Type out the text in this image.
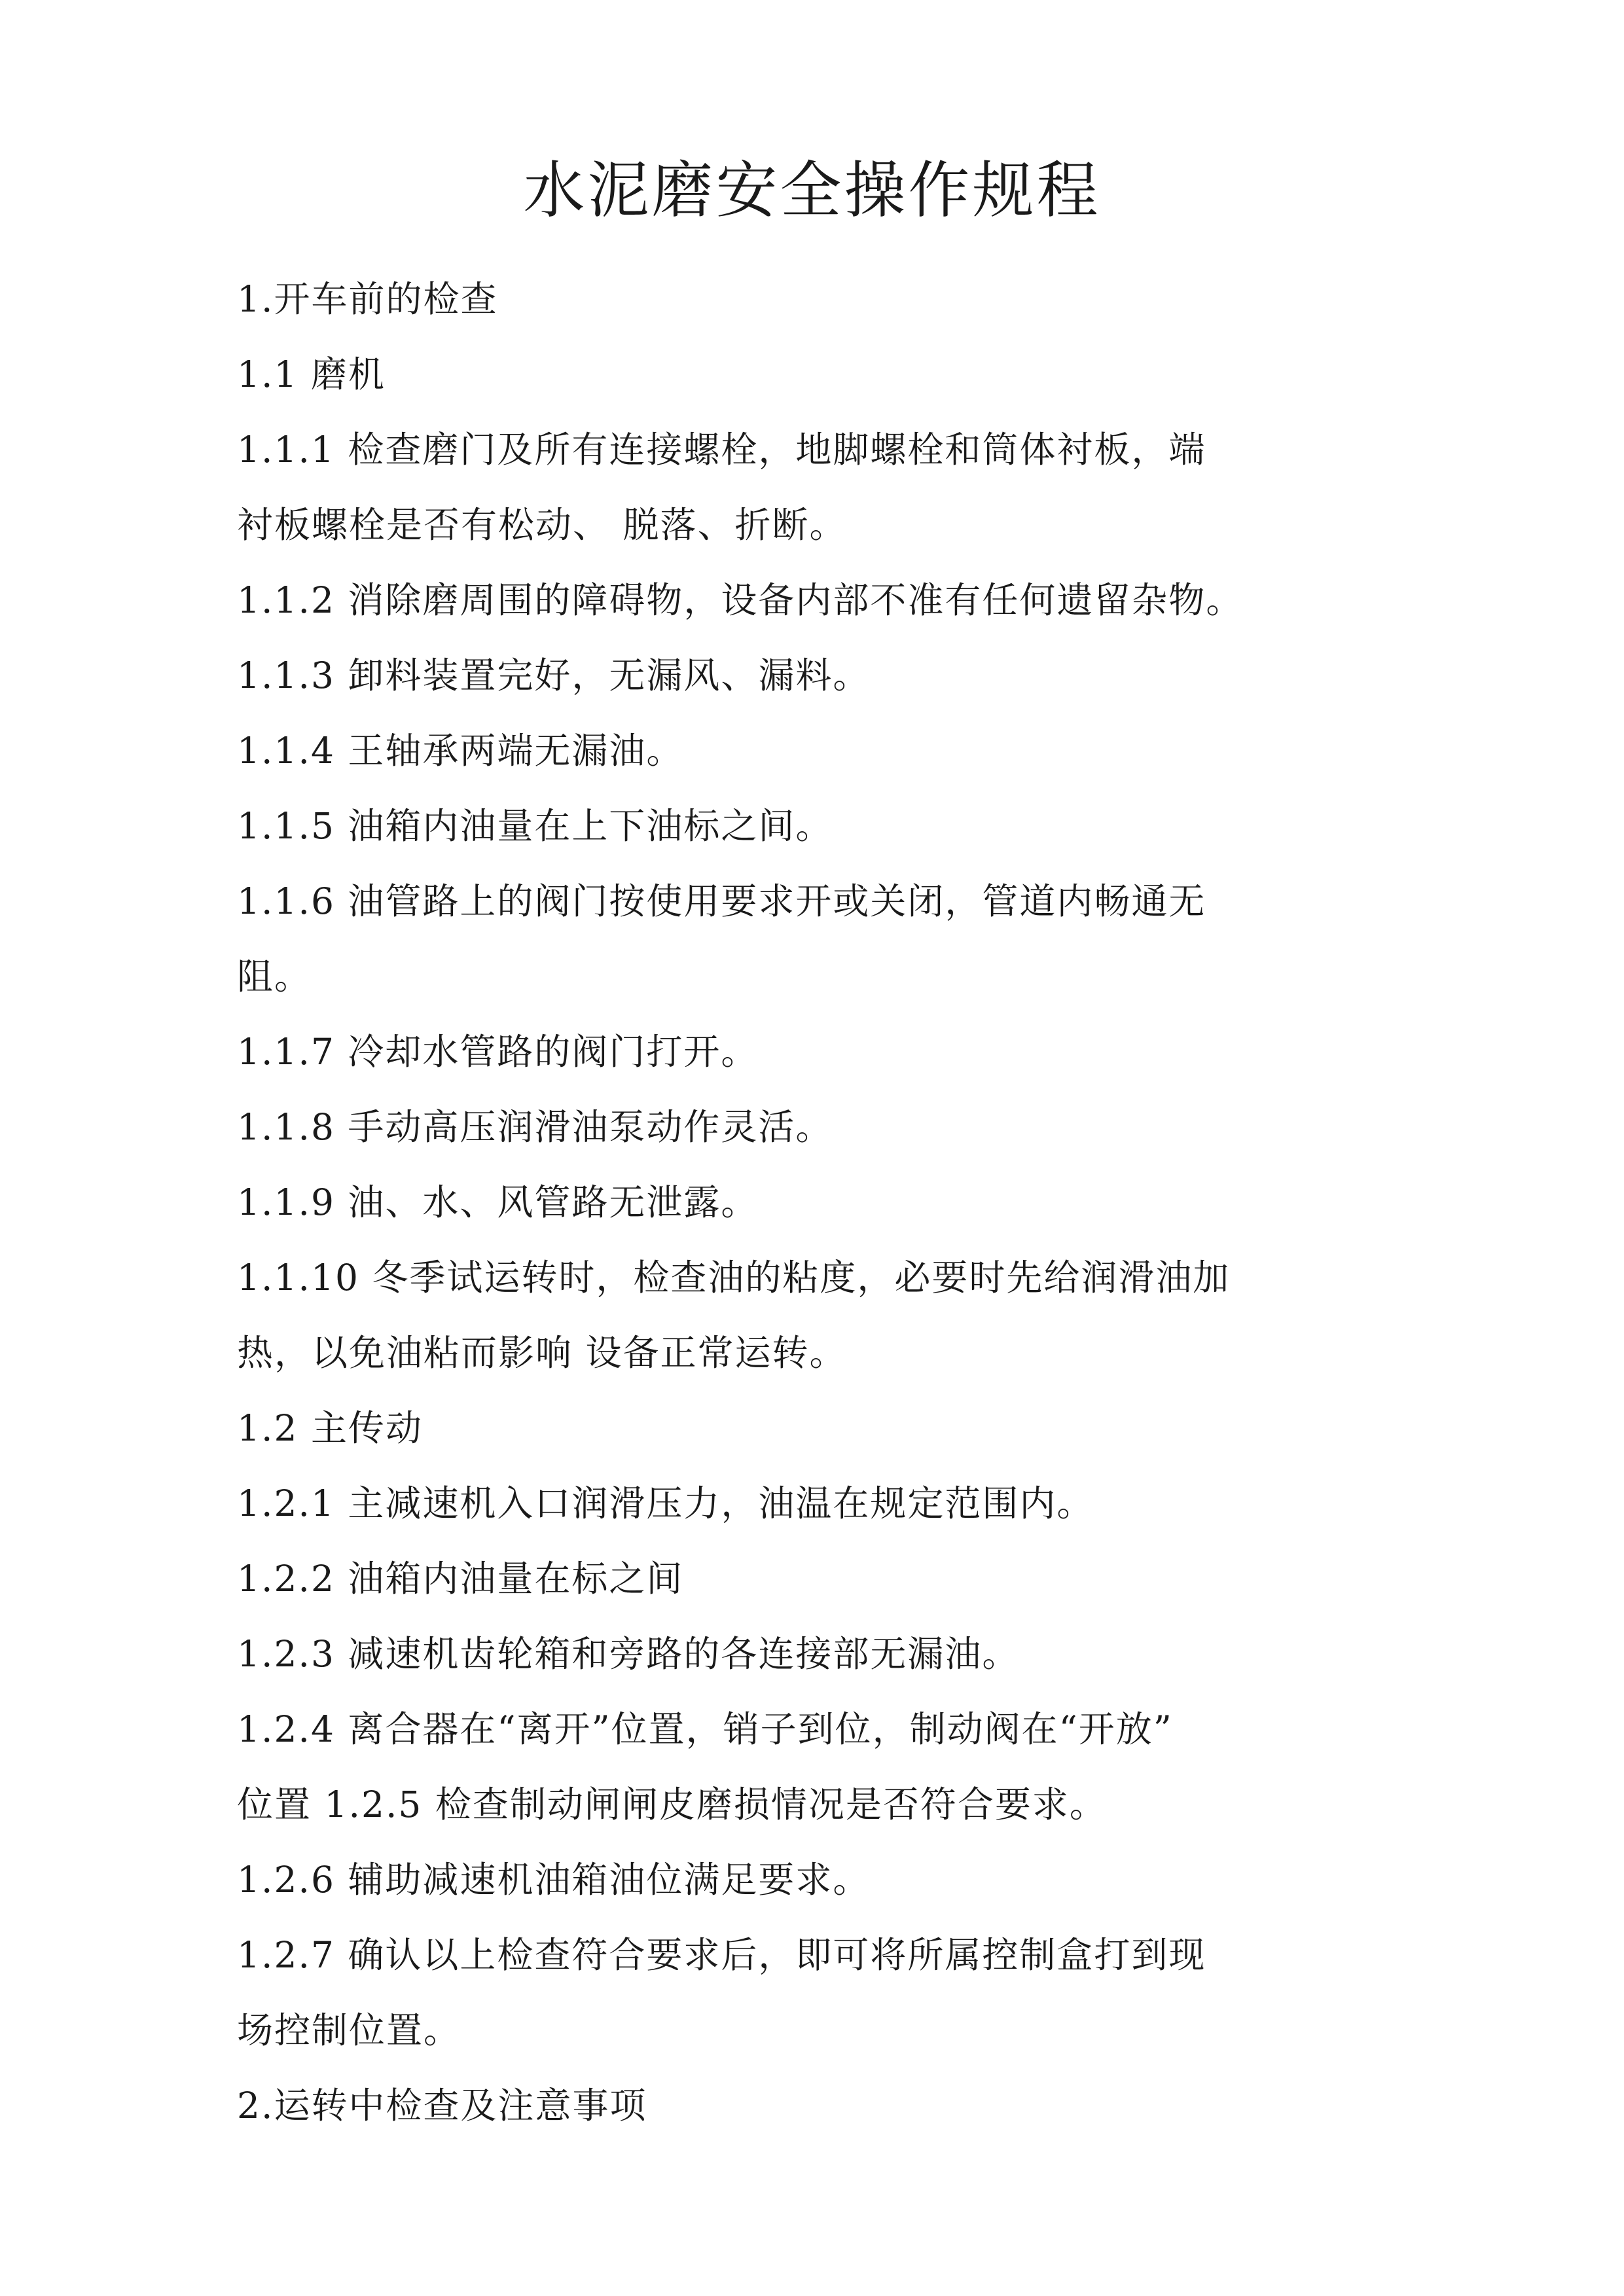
水泥磨安全操作规程
1.开车前的检查
1.1 磨机
1.1.1 检查磨门及所有连接螺栓，地脚螺栓和筒体衬板，端
衬板螺栓是否有松动、 脱落、折断。
1.1.2 消除磨周围的障碍物，设备内部不准有任何遗留杂物。
1.1.3 卸料装置完好，无漏风、漏料。
1.1.4 王轴承两端无漏油。
1.1.5 油箱内油量在上下油标之间。
1.1.6 油管路上的阀门按使用要求开或关闭，管道内畅通无
阻。
1.1.7 冷却水管路的阀门打开。
1.1.8 手动高压润滑油泵动作灵活。
1.1.9 油、水、风管路无泄露。
1.1.10 冬季试运转时，检查油的粘度，必要时先给润滑油加
热，以免油粘而影响 设备正常运转。
1.2 主传动
1.2.1 主减速机入口润滑压力，油温在规定范围内。
1.2.2 油箱内油量在标之间
1.2.3 减速机齿轮箱和旁路的各连接部无漏油。
1.2.4 离合器在“离开”位置，销子到位，制动阀在“开放”
位置 1.2.5 检查制动闸闸皮磨损情况是否符合要求。
1.2.6 辅助减速机油箱油位满足要求。
1.2.7 确认以上检查符合要求后，即可将所属控制盒打到现
场控制位置。
2.运转中检查及注意事项
